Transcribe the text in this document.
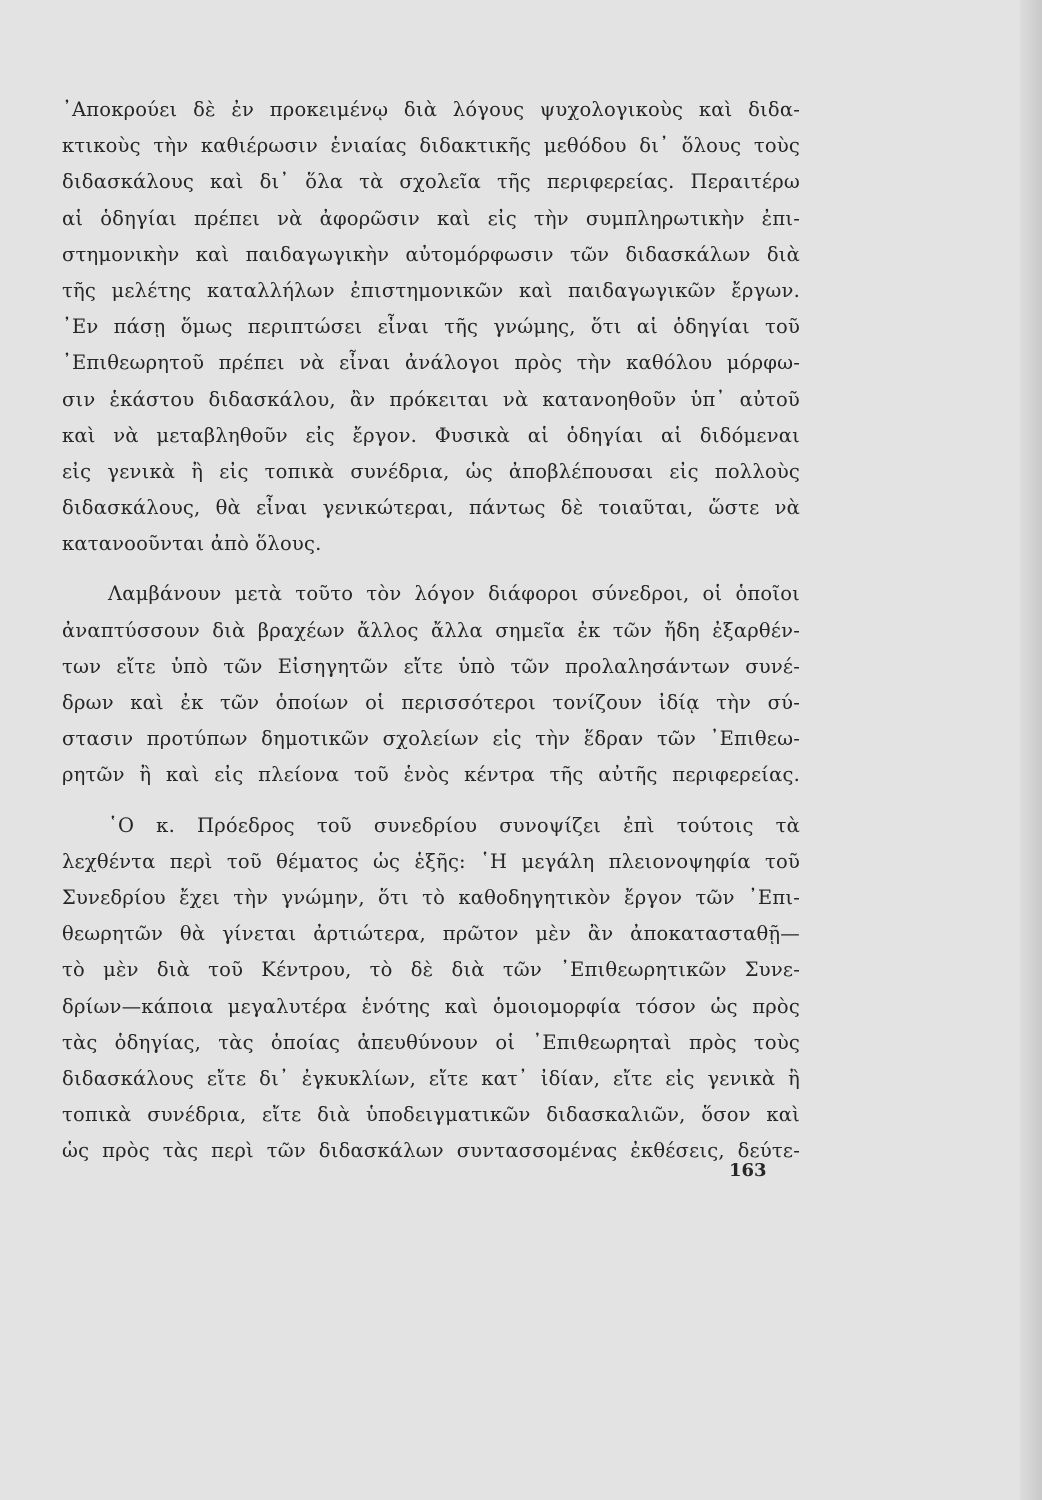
᾿Αποκρούει δὲ ἐν προκειμένῳ διὰ λόγους ψυχολογικοὺς καὶ διδα-
κτικοὺς τὴν καθιέρωσιν ἑνιαίας διδακτικῆς μεθόδου δι᾿ ὅλους τοὺς
διδασκάλους καὶ δι᾿ ὅλα τὰ σχολεῖα τῆς περιφερείας. Περαιτέρω
αἱ ὁδηγίαι πρέπει νὰ ἀφορῶσιν καὶ εἰς τὴν συμπληρωτικὴν ἐπι-
στημονικὴν καὶ παιδαγωγικὴν αὐτομόρφωσιν τῶν διδασκάλων διὰ
τῆς μελέτης καταλλήλων ἐπιστημονικῶν καὶ παιδαγωγικῶν ἔργων.
᾿Εν πάσῃ ὅμως περιπτώσει εἶναι τῆς γνώμης, ὅτι αἱ ὁδηγίαι τοῦ
᾿Επιθεωρητοῦ πρέπει νὰ εἶναι ἀνάλογοι πρὸς τὴν καθόλου μόρφω-
σιν ἑκάστου διδασκάλου, ἂν πρόκειται νὰ κατανοηθοῦν ὑπ᾿ αὐτοῦ
καὶ νὰ μεταβληθοῦν εἰς ἔργον. Φυσικὰ αἱ ὁδηγίαι αἱ διδόμεναι
εἰς γενικὰ ἢ εἰς τοπικὰ συνέδρια, ὡς ἀποβλέπουσαι εἰς πολλοὺς
διδασκάλους, θὰ εἶναι γενικώτεραι, πάντως δὲ τοιαῦται, ὥστε νὰ
κατανοοῦνται ἀπὸ ὅλους.
Λαμβάνουν μετὰ τοῦτο τὸν λόγον διάφοροι σύνεδροι, οἱ ὁποῖοι
ἀναπτύσσουν διὰ βραχέων ἄλλος ἄλλα σημεῖα ἐκ τῶν ἤδη ἐξαρθέν-
των εἴτε ὑπὸ τῶν Εἰσηγητῶν εἴτε ὑπὸ τῶν προλαλησάντων συνέ-
δρων καὶ ἐκ τῶν ὁποίων οἱ περισσότεροι τονίζουν ἰδίᾳ τὴν σύ-
στασιν προτύπων δημοτικῶν σχολείων εἰς τὴν ἕδραν τῶν ᾿Επιθεω-
ρητῶν ἢ καὶ εἰς πλείονα τοῦ ἑνὸς κέντρα τῆς αὐτῆς περιφερείας.
῾Ο κ. Πρόεδρος τοῦ συνεδρίου συνοψίζει ἐπὶ τούτοις τὰ
λεχθέντα περὶ τοῦ θέματος ὡς ἑξῆς: ῾Η μεγάλη πλειονοψηφία τοῦ
Συνεδρίου ἔχει τὴν γνώμην, ὅτι τὸ καθοδηγητικὸν ἔργον τῶν ᾿Επι-
θεωρητῶν θὰ γίνεται ἀρτιώτερα, πρῶτον μὲν ἂν ἀποκατασταθῇ—
τὸ μὲν διὰ τοῦ Κέντρου, τὸ δὲ διὰ τῶν ᾿Επιθεωρητικῶν Συνε-
δρίων—κάποια μεγαλυτέρα ἑνότης καὶ ὁμοιομορφία τόσον ὡς πρὸς
τὰς ὁδηγίας, τὰς ὁποίας ἀπευθύνουν οἱ ᾿Επιθεωρηταὶ πρὸς τοὺς
διδασκάλους εἴτε δι᾿ ἐγκυκλίων, εἴτε κατ᾿ ἰδίαν, εἴτε εἰς γενικὰ ἢ
τοπικὰ συνέδρια, εἴτε διὰ ὑποδειγματικῶν διδασκαλιῶν, ὅσον καὶ
ὡς πρὸς τὰς περὶ τῶν διδασκάλων συντασσομένας ἐκθέσεις, δεύτε-
163
